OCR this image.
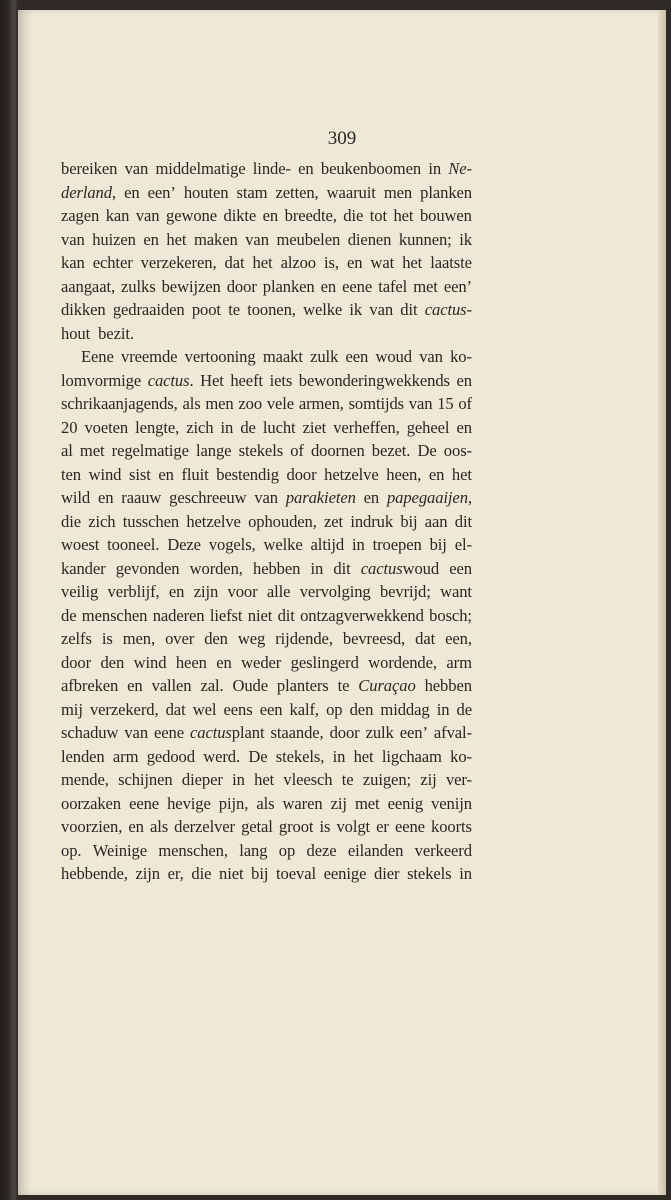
309
bereiken van middelmatige linde- en beukenboomen in Ne-
derland, en een’ houten stam zetten, waaruit men planken
zagen kan van gewone dikte en breedte, die tot het bouwen
van huizen en het maken van meubelen dienen kunnen; ik
kan echter verzekeren, dat het alzoo is, en wat het laatste
aangaat, zulks bewijzen door planken en eene tafel met een’
dikken gedraaiden poot te toonen, welke ik van dit cactus-
hout bezit.
Eene vreemde vertooning maakt zulk een woud van ko-
lomvormige cactus. Het heeft iets bewonderingwekkends en
schrikaanjagends, als men zoo vele armen, somtijds van 15 of
20 voeten lengte, zich in de lucht ziet verheffen, geheel en
al met regelmatige lange stekels of doornen bezet. De oos-
ten wind sist en fluit bestendig door hetzelve heen, en het
wild en raauw geschreeuw van parakieten en papegaaijen,
die zich tusschen hetzelve ophouden, zet indruk bij aan dit
woest tooneel. Deze vogels, welke altijd in troepen bij el-
kander gevonden worden, hebben in dit cactuswoud een
veilig verblijf, en zijn voor alle vervolging bevrijd; want
de menschen naderen liefst niet dit ontzagverwekkend bosch;
zelfs is men, over den weg rijdende, bevreesd, dat een,
door den wind heen en weder geslingerd wordende, arm
afbreken en vallen zal. Oude planters te Curaçao hebben
mij verzekerd, dat wel eens een kalf, op den middag in de
schaduw van eene cactusplant staande, door zulk een’ afval-
lenden arm gedood werd. De stekels, in het ligchaam ko-
mende, schijnen dieper in het vleesch te zuigen; zij ver-
oorzaken eene hevige pijn, als waren zij met eenig venijn
voorzien, en als derzelver getal groot is volgt er eene koorts
op. Weinige menschen, lang op deze eilanden verkeerd
hebbende, zijn er, die niet bij toeval eenige dier stekels in
